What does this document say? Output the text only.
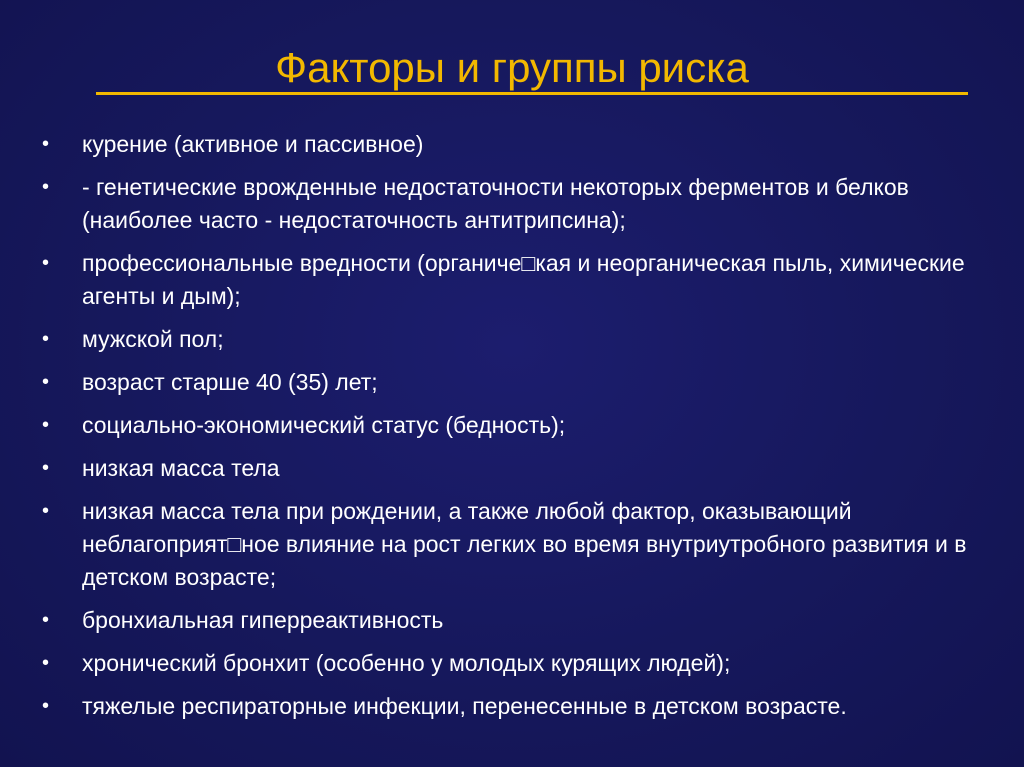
Факторы и группы риска
•	курение (активное и пассивное)
•	- генетические врожденные недостаточности некоторых ферментов и белков (наиболее часто - недостаточность антитрипсина);
•	профессиональные вредности (органиче□кая и неорганическая пыль, химические агенты и дым);
•	мужской пол;
•	возраст старше 40 (35) лет;
•	социально-экономический статус (бедность);
•	низкая масса тела
•	низкая масса тела при рождении, а также любой фактор, оказывающий неблагоприят□ное влияние на рост легких во время внутриутробного развития и в детском возрасте;
•	бронхиальная гиперреактивность
•	хронический бронхит (особенно у молодых курящих людей);
•	тяжелые респираторные инфекции, перенесенные в детском возрасте.
